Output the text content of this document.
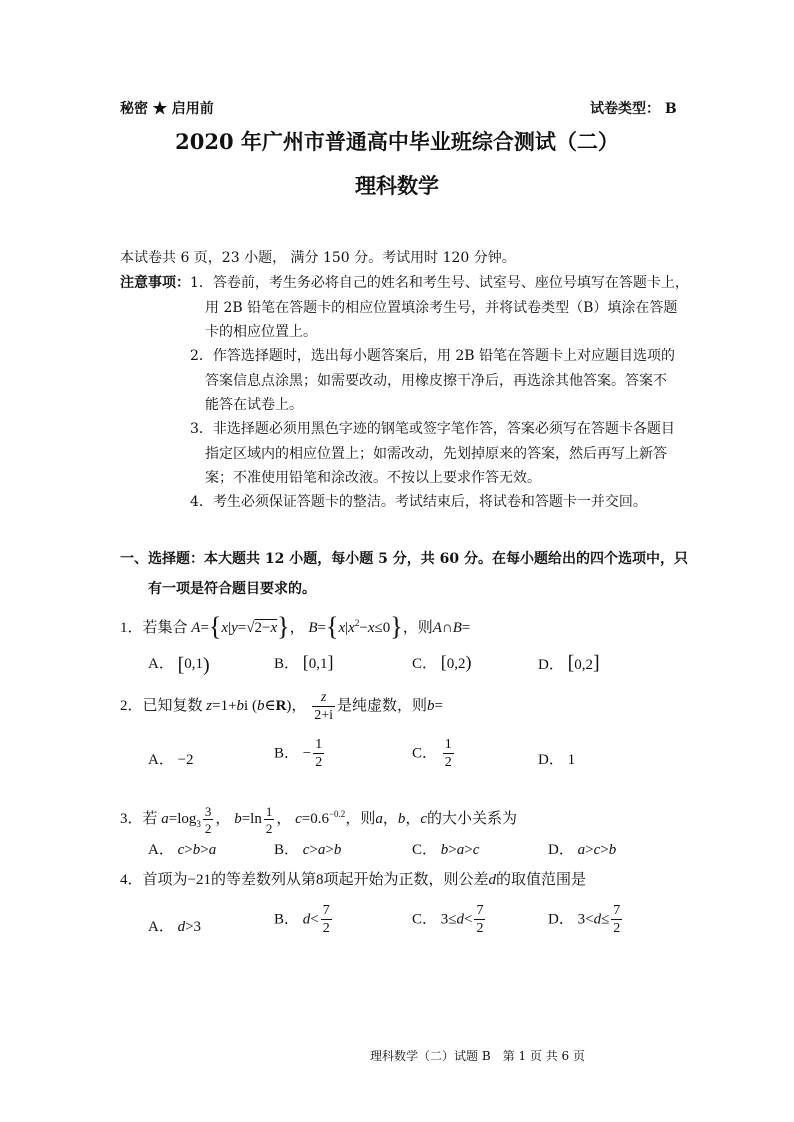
秘密 ★ 启用前	试卷类型： B
2020 年广州市普通高中毕业班综合测试（二）
理科数学
本试卷共 6 页，23 小题， 满分 150 分。考试用时 120 分钟。
注意事项： 1．答卷前，考生务必将自己的姓名和考生号、试室号、座位号填写在答题卡上，
用 2B 铅笔在答题卡的相应位置填涂考生号，并将试卷类型（B）填涂在答题
卡的相应位置上。
2．作答选择题时，选出每小题答案后，用 2B 铅笔在答题卡上对应题目选项的
答案信息点涂黑；如需要改动，用橡皮擦干净后，再选涂其他答案。答案不
能答在试卷上。
3．非选择题必须用黑色字迹的钢笔或签字笔作答，答案必须写在答题卡各题目
指定区域内的相应位置上；如需改动，先划掉原来的答案，然后再写上新答
案；不准使用铅笔和涂改液。不按以上要求作答无效。
4．考生必须保证答题卡的整洁。考试结束后，将试卷和答题卡一并交回。
一、选择题：本大题共 12 小题，每小题 5 分，共 60 分。在每小题给出的四个选项中，只
有一项是符合题目要求的。
1．若集合 A={x|y=√2−x}， $B=\{x|x^2-x\le 0\}$，则A∩B=
A． [0,1)	B． [0,1]	C． [0,2)	D． [0,2]
2．已知复数 z=1+bi (b∈R)， $\frac{z}{2+i}$ 是纯虚数，则b=
A． −2	B． − $\frac{1}{2}$	C． $\frac{1}{2}$	D． 1
3．若 $a=\log_3 \frac{3}{2}$ ， $b=\ln \frac{1}{2}$ ， $c=0.6^{-0.2}$，则a，b，c的大小关系为
A． c>b>a	B． c>a>b	C． b>a>c	D． a>c>b
4．首项为−21的等差数列从第8项起开始为正数，则公差d的取值范围是
A． d>3	B． $d< \frac{7}{2}$	C． $3\le d< \frac{7}{2}$	D． $3<d\le \frac{7}{2}$
理科数学（二）试题 B　第 1 页 共 6 页
